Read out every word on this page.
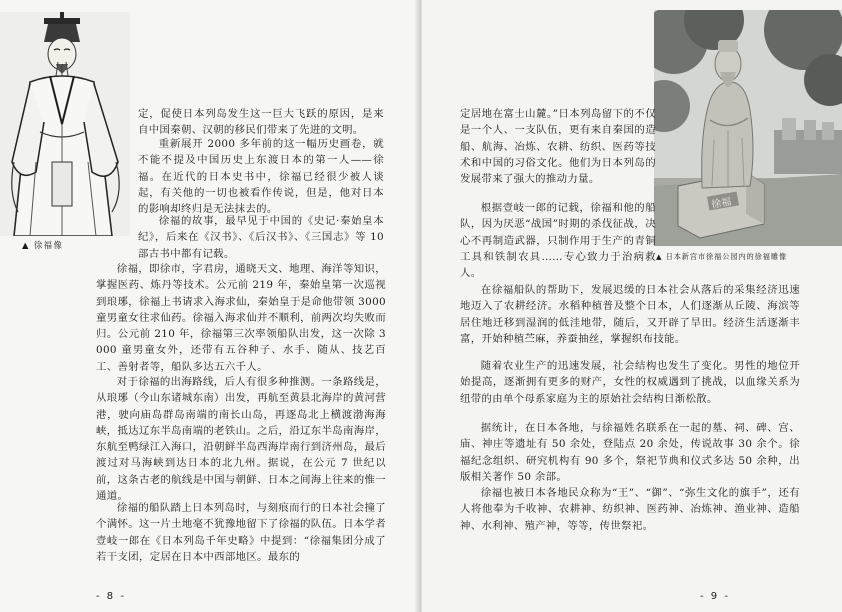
▲ 徐福像

定，促使日本列岛发生这一巨大飞跃的原因，是来自中国秦朝、汉朝的移民们带来了先进的文明。

重新展开 2000 多年前的这一幅历史画卷，就不能不提及中国历史上东渡日本的第一人——徐福。在近代的日本史书中，徐福已经很少被人谈起，有关他的一切也被看作传说，但是，他对日本的影响却终归是无法抹去的。

徐福的故事，最早见于中国的《史记·秦始皇本纪》，后来在《汉书》、《后汉书》、《三国志》等 10 部古书中都有记载。

徐福，即徐市，字君房，通晓天文、地理、海洋等知识，掌握医药、炼丹等技术。公元前 219 年，秦始皇第一次巡视到琅琊，徐福上书请求入海求仙，秦始皇于是命他带领 3000 童男童女往求仙药。徐福入海求仙并不顺利，前两次均失败而归。公元前 210 年，徐福第三次率领船队出发，这一次除 3000 童男童女外，还带有五谷种子、水手、随从、技艺百工、善射者等，船队多达五六千人。

对于徐福的出海路线，后人有很多种推测。一条路线是，从琅琊（今山东诸城东南）出发，再航至黄县北海岸的黄河营港，驶向庙岛群岛南端的南长山岛，再逐岛北上横渡渤海海峡，抵达辽东半岛南端的老铁山。之后，沿辽东半岛南海岸，东航至鸭绿江入海口，沿朝鲜半岛西海岸南行到济州岛，最后渡过对马海峡到达日本的北九州。据说，在公元 7 世纪以前，这条古老的航线是中国与朝鲜、日本之间海上往来的惟一通道。

徐福的船队踏上日本列岛时，与刻痕而行的日本社会撞了个满怀。这一片土地毫不犹豫地留下了徐福的队伍。日本学者壹岐一郎在《日本列岛千年史略》中提到：“徐福集团分成了若干支团，定居在日本中西部地区。最东的

- 8 -
徐福
▲ 日本新宫市徐福公园内的徐福雕像

定居地在富士山麓。”日本列岛留下的不仅是一个人、一支队伍，更有来自秦国的造船、航海、冶炼、农耕、纺织、医药等技术和中国的习俗文化。他们为日本列岛的发展带来了强大的推动力量。

根据壹岐一郎的记载，徐福和他的船队，因为厌恶“战国”时期的杀伐征战，决心不再制造武器，只制作用于生产的青铜工具和铁制农具……专心致力于治病救人。

在徐福船队的帮助下，发展迟缓的日本社会从落后的采集经济迅速地迈入了农耕经济。水稻种植普及整个日本，人们逐渐从丘陵、海滨等居住地迁移到湿润的低洼地带，随后，又开辟了旱田。经济生活逐渐丰富，开始种植苎麻，养蚕抽丝，掌握织布技能。

随着农业生产的迅速发展，社会结构也发生了变化。男性的地位开始提高，逐渐拥有更多的财产，女性的权威遇到了挑战，以血缘关系为纽带的由单个母系家庭为主的原始社会结构日渐松散。

据统计，在日本各地，与徐福姓名联系在一起的墓、祠、碑、宫、庙、神庄等遗址有 50 余处，登陆点 20 余处，传说故事 30 余个。徐福纪念组织、研究机构有 90 多个，祭祀节典和仪式多达 50 余种，出版相关著作 50 余部。

徐福也被日本各地民众称为“王”、“御”、“弥生文化的旗手”，还有人将他奉为千收神、农耕神、纺织神、医药神、冶炼神、渔业神、造船神、水利神、殖产神，等等，传世祭祀。

- 9 -
